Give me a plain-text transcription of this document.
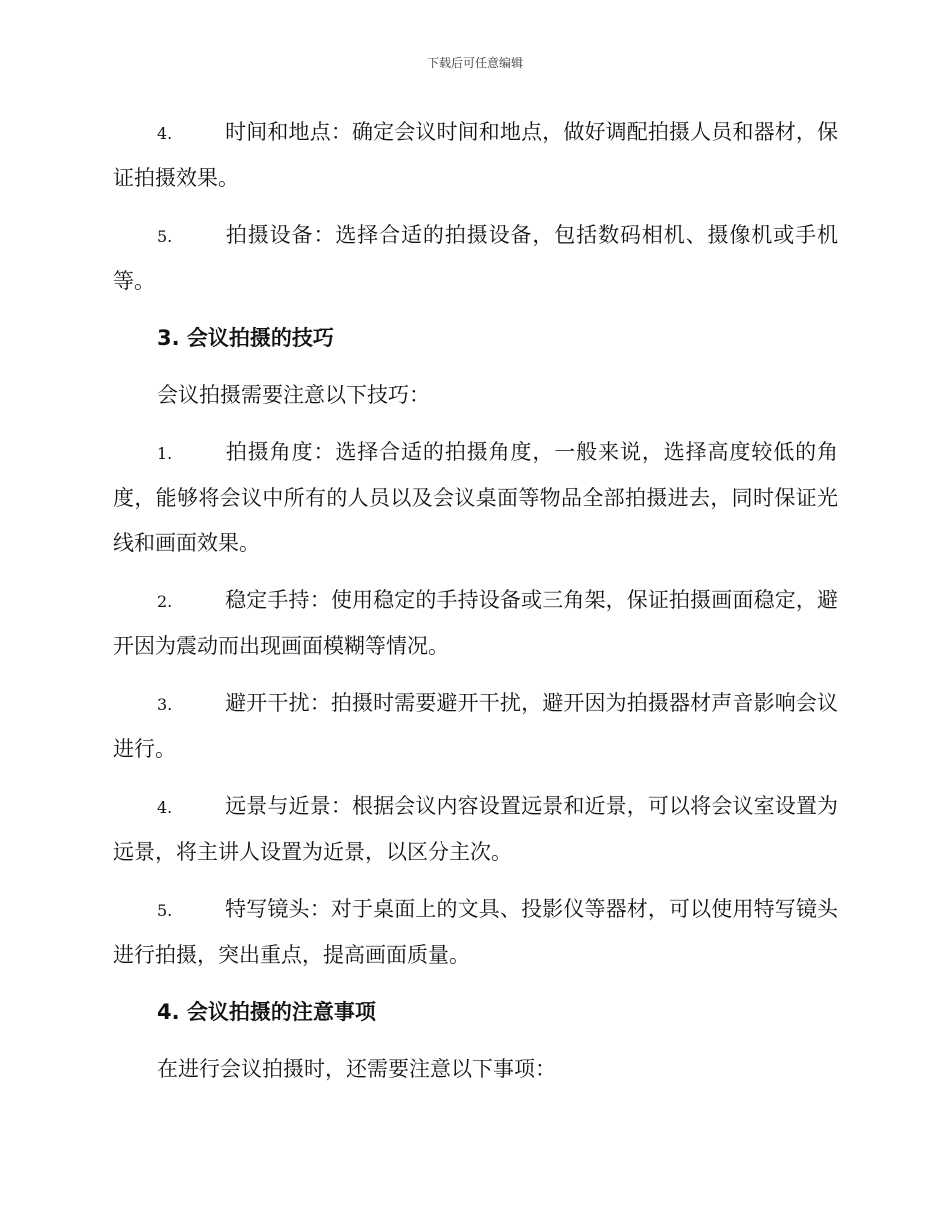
下载后可任意编辑

4.	时间和地点：确定会议时间和地点，做好调配拍摄人员和器材，保证拍摄效果。

5.	拍摄设备：选择合适的拍摄设备，包括数码相机、摄像机或手机等。

3. 会议拍摄的技巧

会议拍摄需要注意以下技巧：

1.	拍摄角度：选择合适的拍摄角度，一般来说，选择高度较低的角度，能够将会议中所有的人员以及会议桌面等物品全部拍摄进去，同时保证光线和画面效果。

2.	稳定手持：使用稳定的手持设备或三角架，保证拍摄画面稳定，避开因为震动而出现画面模糊等情况。

3.	避开干扰：拍摄时需要避开干扰，避开因为拍摄器材声音影响会议进行。

4.	远景与近景：根据会议内容设置远景和近景，可以将会议室设置为远景，将主讲人设置为近景，以区分主次。

5.	特写镜头：对于桌面上的文具、投影仪等器材，可以使用特写镜头进行拍摄，突出重点，提高画面质量。

4. 会议拍摄的注意事项

在进行会议拍摄时，还需要注意以下事项：
